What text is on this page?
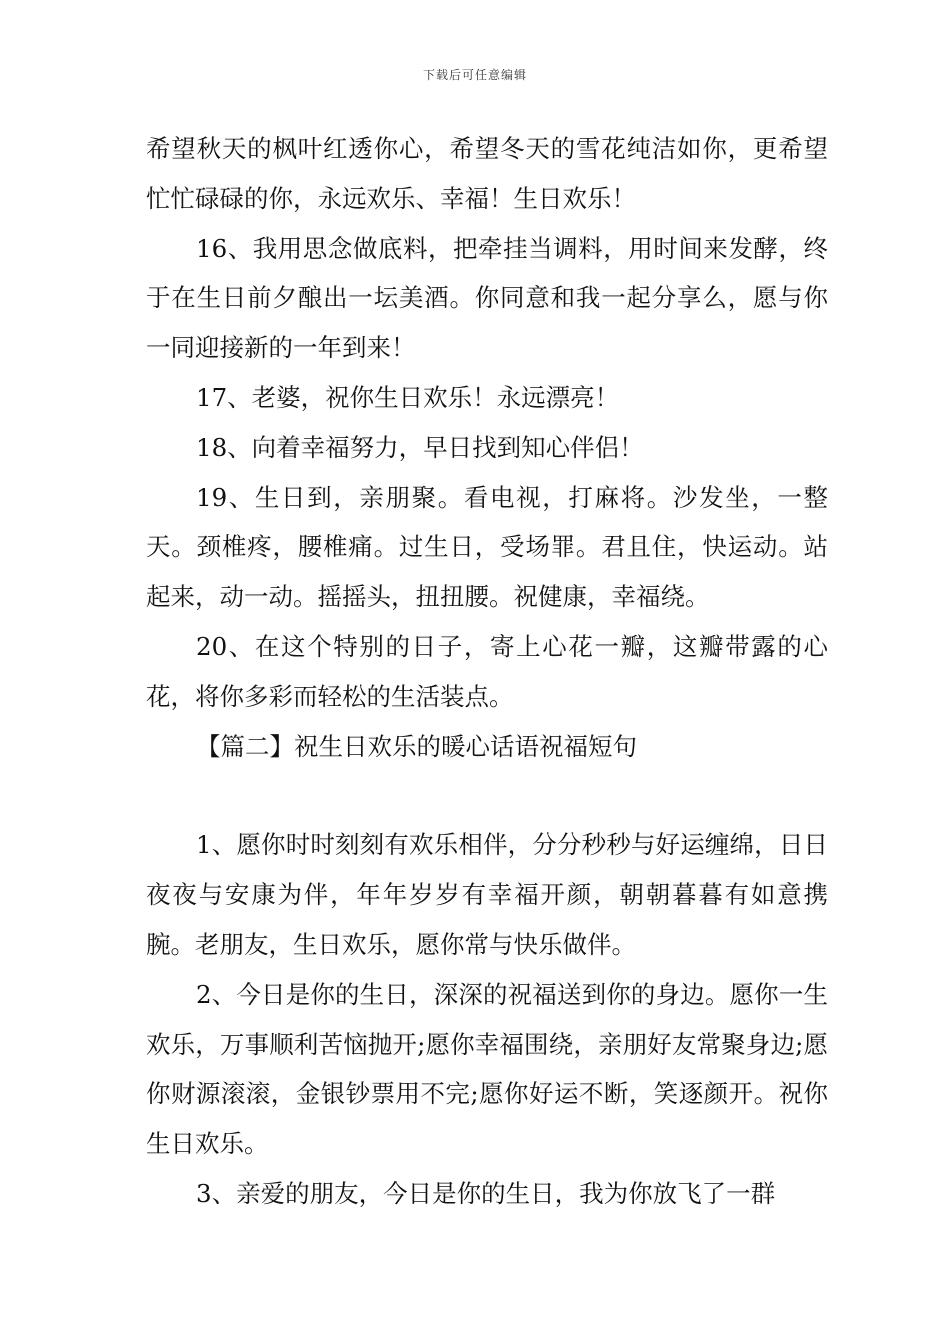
下载后可任意编辑

希望秋天的枫叶红透你心，希望冬天的雪花纯洁如你，更希望忙忙碌碌的你，永远欢乐、幸福！生日欢乐！

16、我用思念做底料，把牵挂当调料，用时间来发酵，终于在生日前夕酿出一坛美酒。你同意和我一起分享么，愿与你一同迎接新的一年到来！

17、老婆，祝你生日欢乐！永远漂亮！

18、向着幸福努力，早日找到知心伴侣！

19、生日到，亲朋聚。看电视，打麻将。沙发坐，一整天。颈椎疼，腰椎痛。过生日，受场罪。君且住，快运动。站起来，动一动。摇摇头，扭扭腰。祝健康，幸福绕。

20、在这个特别的日子，寄上心花一瓣，这瓣带露的心花，将你多彩而轻松的生活装点。

【篇二】祝生日欢乐的暖心话语祝福短句

1、愿你时时刻刻有欢乐相伴，分分秒秒与好运缠绵，日日夜夜与安康为伴，年年岁岁有幸福开颜，朝朝暮暮有如意携腕。老朋友，生日欢乐，愿你常与快乐做伴。

2、今日是你的生日，深深的祝福送到你的身边。愿你一生欢乐，万事顺利苦恼抛开;愿你幸福围绕，亲朋好友常聚身边;愿你财源滚滚，金银钞票用不完;愿你好运不断，笑逐颜开。祝你生日欢乐。

3、亲爱的朋友，今日是你的生日，我为你放飞了一群
